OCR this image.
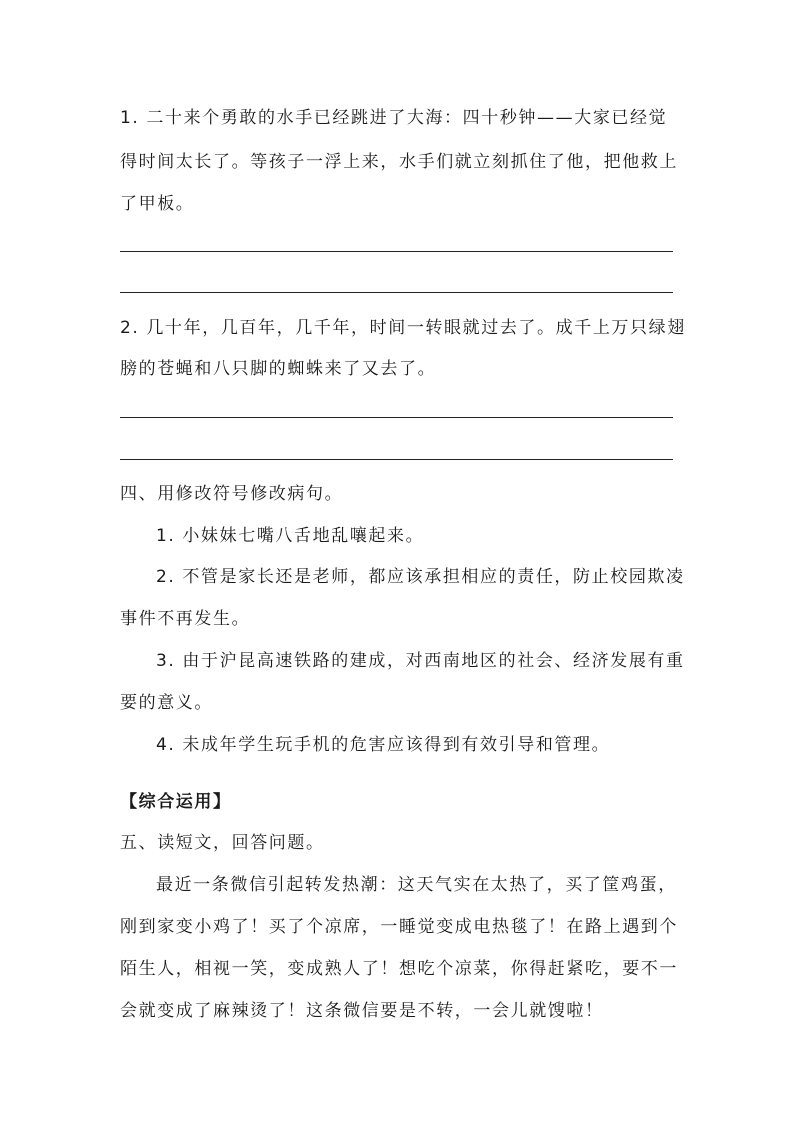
1. 二十来个勇敢的水手已经跳进了大海：四十秒钟——大家已经觉
得时间太长了。等孩子一浮上来，水手们就立刻抓住了他，把他救上
了甲板。
2. 几十年，几百年，几千年，时间一转眼就过去了。成千上万只绿翅
膀的苍蝇和八只脚的蜘蛛来了又去了。
四、用修改符号修改病句。
1. 小妹妹七嘴八舌地乱嚷起来。
2. 不管是家长还是老师，都应该承担相应的责任，防止校园欺凌
事件不再发生。
3. 由于沪昆高速铁路的建成，对西南地区的社会、经济发展有重
要的意义。
4. 未成年学生玩手机的危害应该得到有效引导和管理。
【综合运用】
五、读短文，回答问题。
最近一条微信引起转发热潮：这天气实在太热了，买了筐鸡蛋，
刚到家变小鸡了！买了个凉席，一睡觉变成电热毯了！在路上遇到个
陌生人，相视一笑，变成熟人了！想吃个凉菜，你得赶紧吃，要不一
会就变成了麻辣烫了！这条微信要是不转，一会儿就馊啦！
